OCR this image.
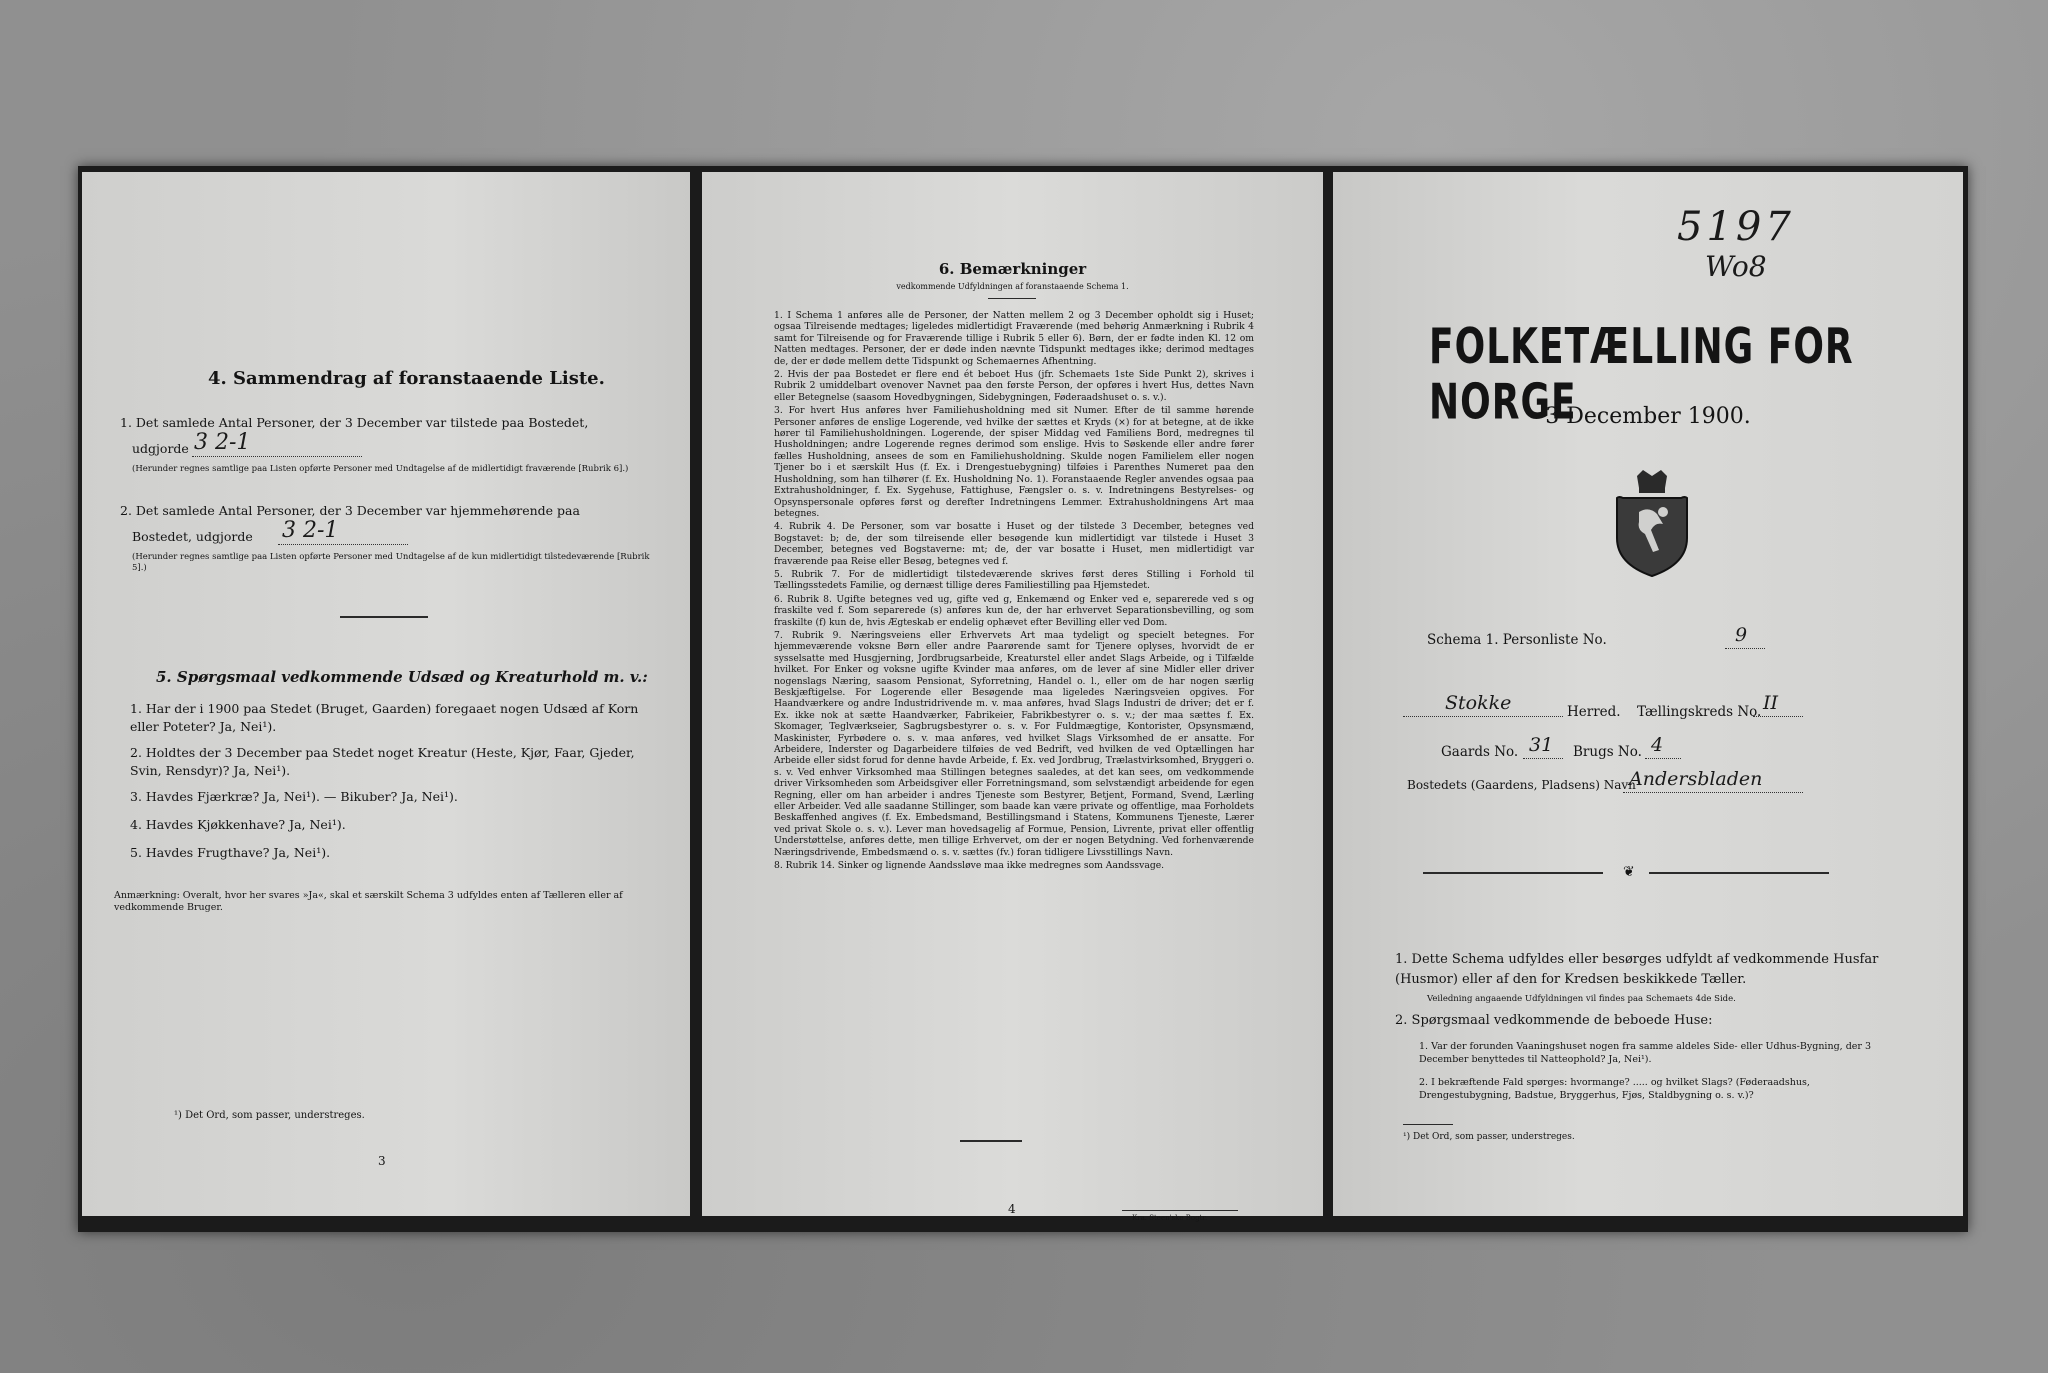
4. Sammendrag af foranstaaende Liste.
1. Det samlede Antal Personer, der 3 December var tilstede paa Bostedet,
udgjorde 3 2-1
(Herunder regnes samtlige paa Listen opførte Personer med Undtagelse af de midlertidigt fraværende [Rubrik 6].)
2. Det samlede Antal Personer, der 3 December var hjemmehørende paa
Bostedet, udgjorde 3 2-1
(Herunder regnes samtlige paa Listen opførte Personer med Undtagelse af de kun midlertidigt tilstedeværende [Rubrik 5].)
5. Spørgsmaal vedkommende Udsæd og Kreaturhold m. v.:
1. Har der i 1900 paa Stedet (Bruget, Gaarden) foregaaet nogen Udsæd af Korn eller Poteter? Ja, Nei¹).
2. Holdtes der 3 December paa Stedet noget Kreatur (Heste, Kjør, Faar, Gjeder, Svin, Rensdyr)? Ja, Nei¹).
3. Havdes Fjærkræ? Ja, Nei¹). — Bikuber? Ja, Nei¹).
4. Havdes Kjøkkenhave? Ja, Nei¹).
5. Havdes Frugthave? Ja, Nei¹).
Anmærkning: Overalt, hvor her svares »Ja«, skal et særskilt Schema 3 udfyldes enten af Tælleren eller af vedkommende Bruger.
¹) Det Ord, som passer, understreges.
3
6. Bemærkninger
vedkommende Udfyldningen af foranstaaende Schema 1.

1. I Schema 1 anføres alle de Personer, der Natten mellem 2 og 3 December opholdt sig i Huset; ogsaa Tilreisende medtages; ligeledes midlertidigt Fraværende (med behørig Anmærkning i Rubrik 4 samt for Tilreisende og for Fraværende tillige i Rubrik 5 eller 6). Børn, der er fødte inden Kl. 12 om Natten medtages. Personer, der er døde inden nævnte Tidspunkt medtages ikke; derimod medtages de, der er døde mellem dette Tidspunkt og Schemaernes Afhentning.

2. Hvis der paa Bostedet er flere end ét beboet Hus (jfr. Schemaets 1ste Side Punkt 2), skrives i Rubrik 2 umiddelbart ovenover Navnet paa den første Person, der opføres i hvert Hus, dettes Navn eller Betegnelse (saasom Hovedbygningen, Sidebygningen, Føderaadshuset o. s. v.).

3. For hvert Hus anføres hver Familiehusholdning med sit Numer. Efter de til samme hørende Personer anføres de enslige Logerende, ved hvilke der sættes et Kryds (×) for at betegne, at de ikke hører til Familiehusholdningen. Logerende, der spiser Middag ved Familiens Bord, medregnes til Husholdningen; andre Logerende regnes derimod som enslige. Hvis to Søskende eller andre fører fælles Husholdning, ansees de som en Familiehusholdning. Skulde nogen Familielem eller nogen Tjener bo i et særskilt Hus (f. Ex. i Drengestuebygning) tilføies i Parenthes Numeret paa den Husholdning, som han tilhører (f. Ex. Husholdning No. 1). Foranstaaende Regler anvendes ogsaa paa Extrahusholdninger, f. Ex. Sygehuse, Fattighuse, Fængsler o. s. v. Indretningens Bestyrelses- og Opsynspersonale opføres først og derefter Indretningens Lemmer. Extrahusholdningens Art maa betegnes.

4. Rubrik 4. De Personer, som var bosatte i Huset og der tilstede 3 December, betegnes ved Bogstavet: b; de, der som tilreisende eller besøgende kun midlertidigt var tilstede i Huset 3 December, betegnes ved Bogstaverne: mt; de, der var bosatte i Huset, men midlertidigt var fraværende paa Reise eller Besøg, betegnes ved f.

5. Rubrik 7. For de midlertidigt tilstedeværende skrives først deres Stilling i Forhold til Tællingsstedets Familie, og dernæst tillige deres Familiestilling paa Hjemstedet.

6. Rubrik 8. Ugifte betegnes ved ug, gifte ved g, Enkemænd og Enker ved e, separerede ved s og fraskilte ved f. Som separerede (s) anføres kun de, der har erhvervet Separationsbevilling, og som fraskilte (f) kun de, hvis Ægteskab er endelig ophævet efter Bevilling eller ved Dom.

7. Rubrik 9. Næringsveiens eller Erhvervets Art maa tydeligt og specielt betegnes. For hjemmeværende voksne Børn eller andre Paarørende samt for Tjenere oplyses, hvorvidt de er sysselsatte med Husgjerning, Jordbrugsarbeide, Kreaturstel eller andet Slags Arbeide, og i Tilfælde hvilket. For Enker og voksne ugifte Kvinder maa anføres, om de lever af sine Midler eller driver nogenslags Næring, saasom Pensionat, Syforretning, Handel o. l., eller om de har nogen særlig Beskjæftigelse. For Logerende eller Besøgende maa ligeledes Næringsveien opgives. For Haandværkere og andre Industridrivende m. v. maa anføres, hvad Slags Industri de driver; det er f. Ex. ikke nok at sætte Haandværker, Fabrikeier, Fabrikbestyrer o. s. v.; der maa sættes f. Ex. Skomager, Teglværkseier, Sagbrugsbestyrer o. s. v. For Fuldmægtige, Kontorister, Opsynsmænd, Maskinister, Fyrbødere o. s. v. maa anføres, ved hvilket Slags Virksomhed de er ansatte. For Arbeidere, Inderster og Dagarbeidere tilføies de ved Bedrift, ved hvilken de ved Optællingen har Arbeide eller sidst forud for denne havde Arbeide, f. Ex. ved Jordbrug, Trælastvirksomhed, Bryggeri o. s. v. Ved enhver Virksomhed maa Stillingen betegnes saaledes, at det kan sees, om vedkommende driver Virksomheden som Arbeidsgiver eller Forretningsmand, som selvstændigt arbeidende for egen Regning, eller om han arbeider i andres Tjeneste som Bestyrer, Betjent, Formand, Svend, Lærling eller Arbeider. Ved alle saadanne Stillinger, som baade kan være private og offentlige, maa Forholdets Beskaffenhed angives (f. Ex. Embedsmand, Bestillingsmand i Statens, Kommunens Tjeneste, Lærer ved privat Skole o. s. v.). Lever man hovedsagelig af Formue, Pension, Livrente, privat eller offentlig Understøttelse, anføres dette, men tillige Erhvervet, om der er nogen Betydning. Ved forhenværende Næringsdrivende, Embedsmænd o. s. v. sættes (fv.) foran tidligere Livsstillings Navn.

8. Rubrik 14. Sinker og lignende Aandssløve maa ikke medregnes som Aandssvage.

4
Kra. Steen'ske Bogtr.
5197
Wo8
FOLKETÆLLING FOR NORGE
3 December 1900.
Schema 1. Personliste No.	9
Stokke	Herred. Tællingskreds No. II
Gaards No. 31 Brugs No. 4
Bostedets (Gaardens, Pladsens) Navn
Andersbladen
❦
1. Dette Schema udfyldes eller besørges udfyldt af vedkommende Husfar (Husmor) eller af den for Kredsen beskikkede Tæller.
Veiledning angaaende Udfyldningen vil findes paa Schemaets 4de Side.
2. Spørgsmaal vedkommende de beboede Huse:
1. Var der forunden Vaaningshuset nogen fra samme aldeles Side- eller Udhus-Bygning, der 3 December benyttedes til Natteophold? Ja, Nei¹).
2. I bekræftende Fald spørges: hvormange? ..... og hvilket Slags? (Føderaadshus, Drengestubygning, Badstue, Bryggerhus, Fjøs, Staldbygning o. s. v.)?
¹) Det Ord, som passer, understreges.
